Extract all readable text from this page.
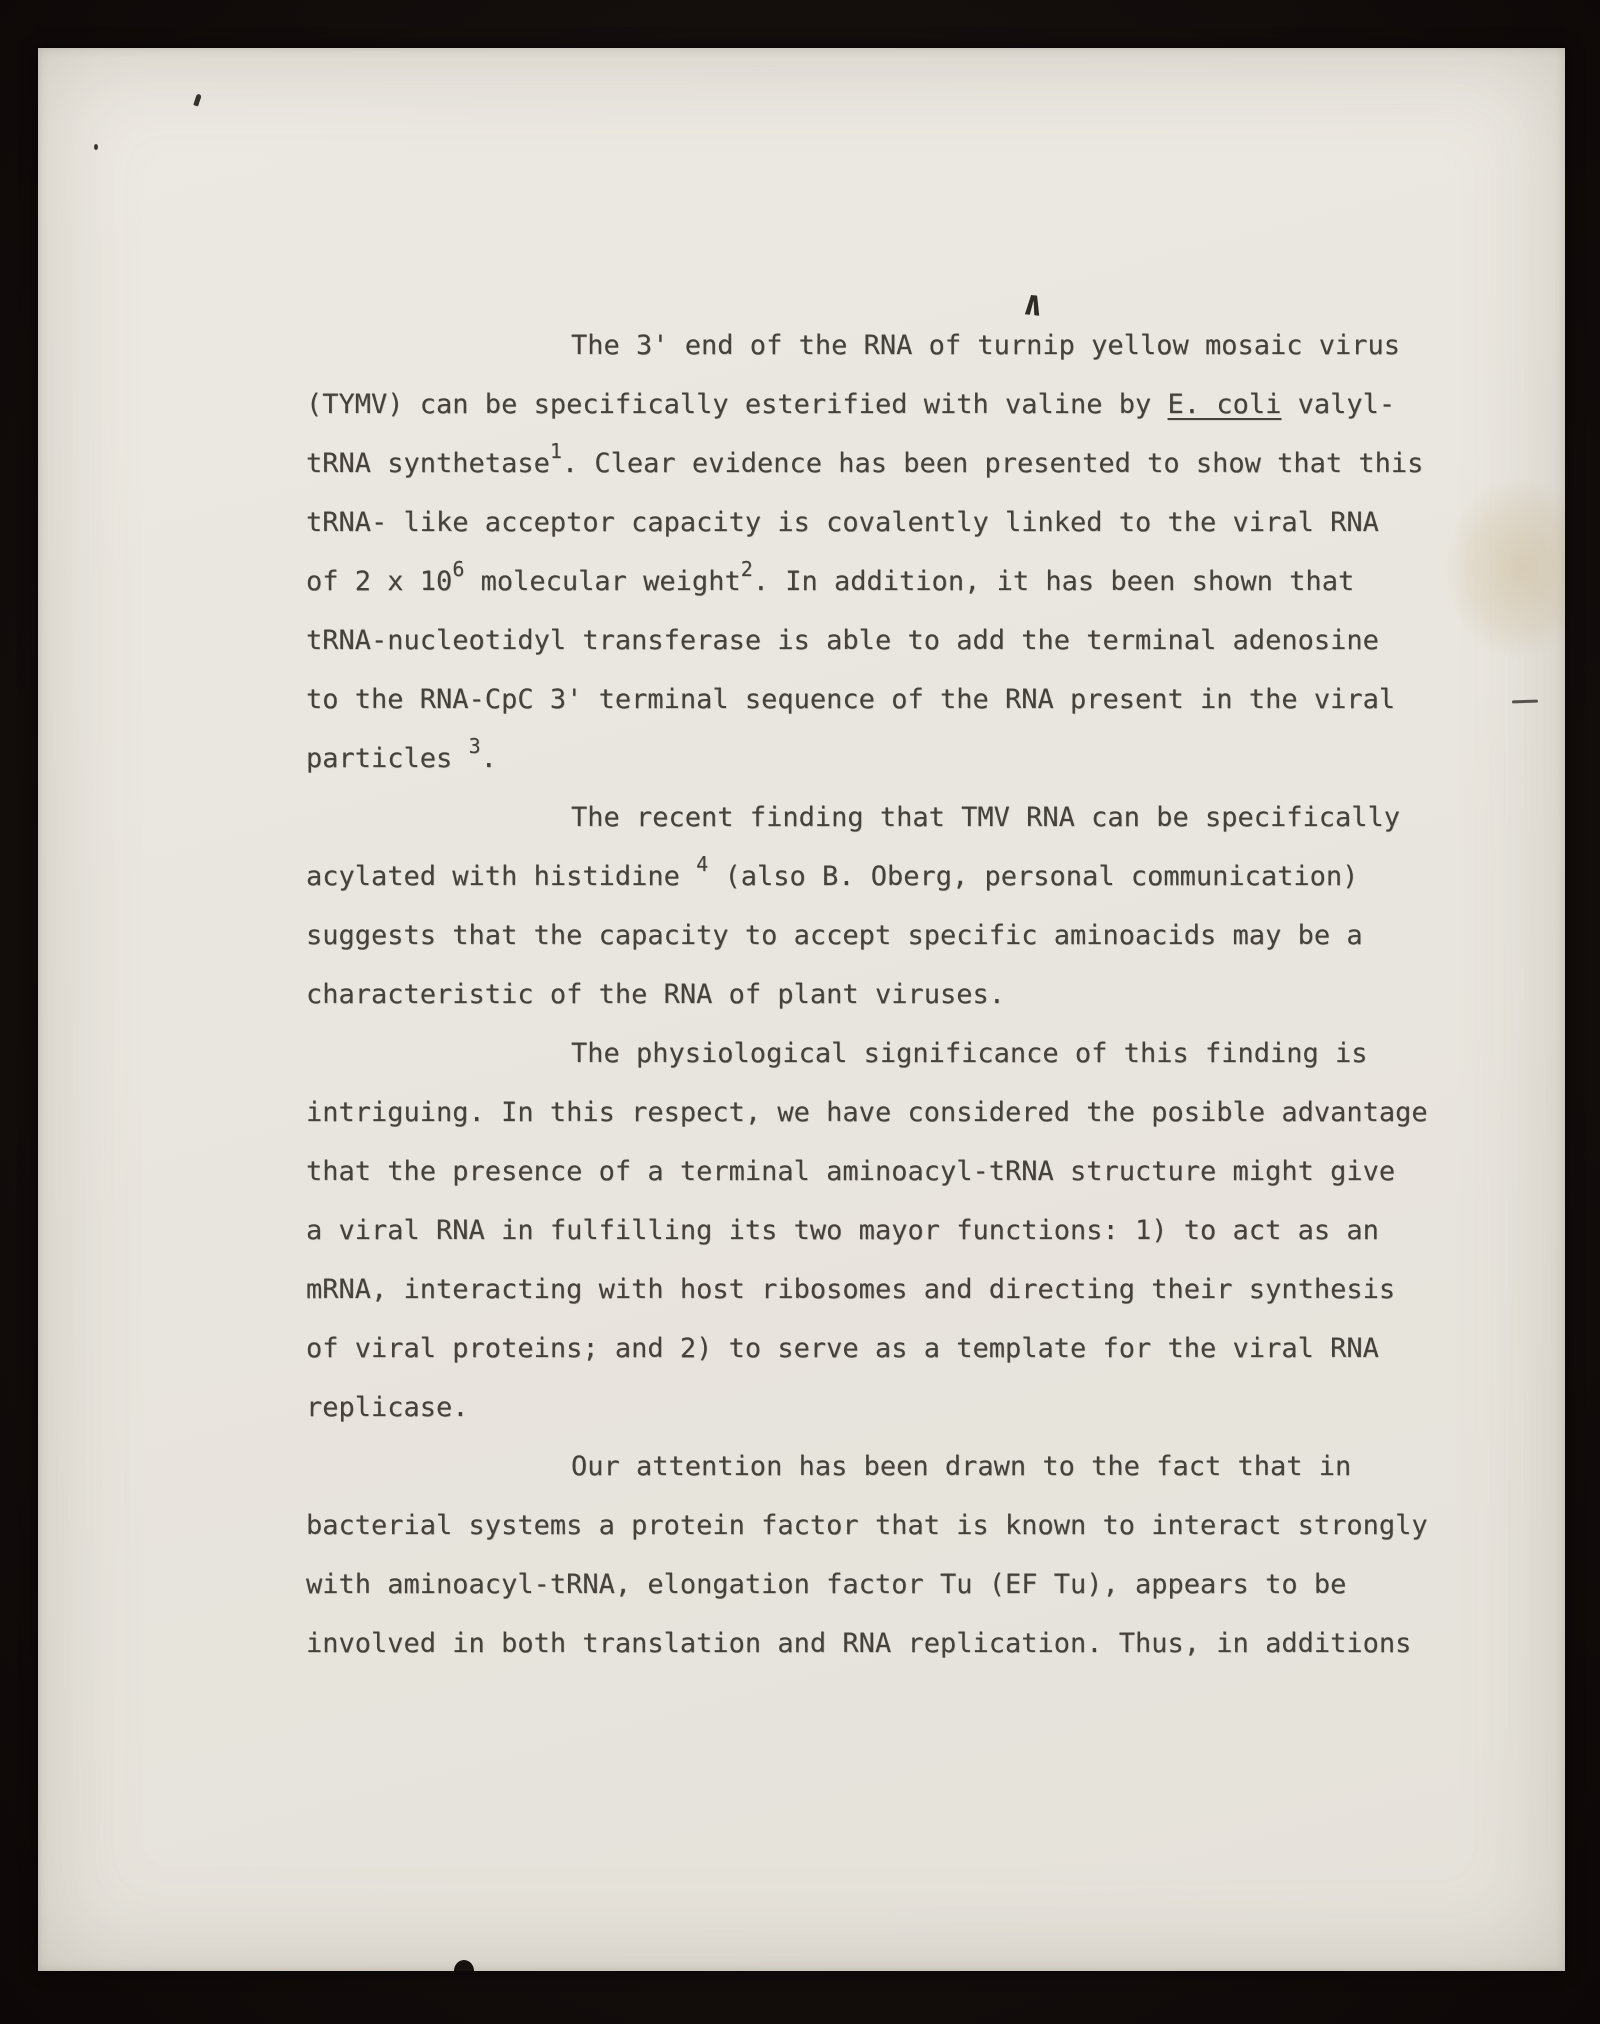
∧
The 3' end of the RNA of turnip yellow mosaic virus
(TYMV) can be specifically esterified with valine by E. coli valyl-
tRNA synthetase$^1$. Clear evidence has been presented to show that this
tRNA- like acceptor capacity is covalently linked to the viral RNA
of 2 x $10^6$ molecular weight$^2$. In addition, it has been shown that
tRNA-nucleotidyl transferase is able to add the terminal adenosine
to the RNA-CpC 3' terminal sequence of the RNA present in the viral
particles $^3$.
The recent finding that TMV RNA can be specifically
acylated with histidine $^4$ (also B. Oberg, personal communication)
suggests that the capacity to accept specific aminoacids may be a
characteristic of the RNA of plant viruses.
The physiological significance of this finding is
intriguing. In this respect, we have considered the posible advantage
that the presence of a terminal aminoacyl-tRNA structure might give
a viral RNA in fulfilling its two mayor functions: 1) to act as an
mRNA, interacting with host ribosomes and directing their synthesis
of viral proteins; and 2) to serve as a template for the viral RNA
replicase.
Our attention has been drawn to the fact that in
bacterial systems a protein factor that is known to interact strongly
with aminoacyl-tRNA, elongation factor Tu (EF Tu), appears to be
involved in both translation and RNA replication. Thus, in additions
